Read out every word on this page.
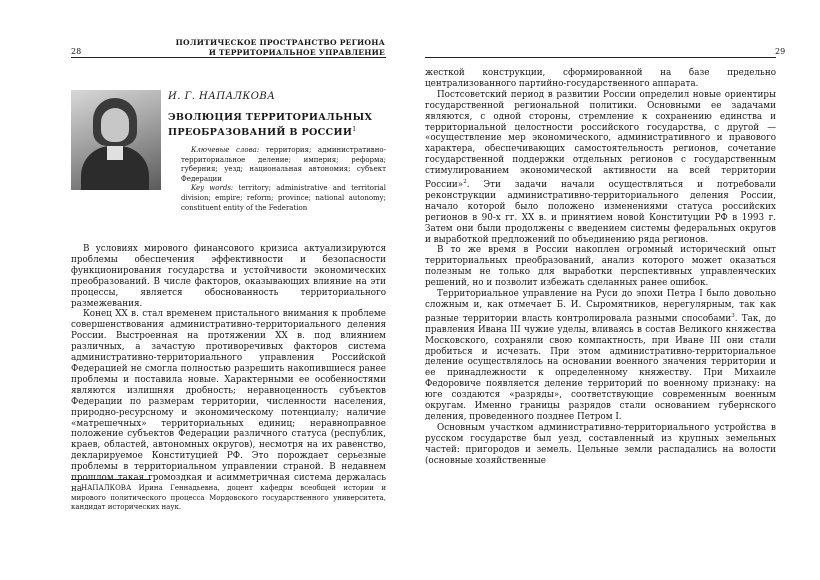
28
ПОЛИТИЧЕСКОЕ ПРОСТРАНСТВО РЕГИОНА
И ТЕРРИТОРИАЛЬНОЕ УПРАВЛЕНИЕ
И. Г. НАПАЛКОВА
ЭВОЛЮЦИЯ ТЕРРИТОРИАЛЬНЫХ ПРЕОБРАЗОВАНИЙ В РОССИИ$^1$

Ключевые слова: территория; административно-территориальное деление; империя; реформа; губерния; уезд; национальная автономия; субъект Федерации

Key words: territory; administrative and territorial division; empire; reform; province; national autonomy; constituent entity of the Federation

В условиях мирового финансового кризиса актуализируются проблемы обеспечения эффективности и безопасности функционирования государства и устойчивости экономических преобразований. В числе факторов, оказывающих влияние на эти процессы, является обоснованность территориального размежевания.

Конец XX в. стал временем пристального внимания к проблеме совершенствования административно-территориального деления России. Выстроенная на протяжении XX в. под влиянием различных, а зачастую противоречивых факторов система административно-территориального управления Российской Федерацией не смогла полностью разрешить накопившиеся ранее проблемы и поставила новые. Характерными ее особенностями являются излишняя дробность; неравноценность субъектов Федерации по размерам территории, численности населения, природно-ресурсному и экономическому потенциалу; наличие «матрешечных» территориальных единиц; неравноправное положение субъектов Федерации различного статуса (республик, краев, областей, автономных округов), несмотря на их равенство, декларируемое Конституцией РФ. Это порождает серьезные проблемы в территориальном управлении страной. В недавнем прошлом такая громоздкая и асимметричная система держалась на

НАПАЛКОВА Ирина Геннадьевна, доцент кафедры всеобщей истории и мирового политического процесса Мордовского государственного университета, кандидат исторических наук.

29

жесткой конструкции, сформированной на базе предельно централизованного партийно-государственного аппарата.

Постсоветский период в развитии России определил новые ориентиры государственной региональной политики. Основными ее задачами являются, с одной стороны, стремление к сохранению единства и территориальной целостности российского государства, с другой — «осуществление мер экономического, административного и правового характера, обеспечивающих самостоятельность регионов, сочетание государственной поддержки отдельных регионов с государственным стимулированием экономической активности на всей территории России»$^2$. Эти задачи начали осуществляться и потребовали реконструкции административно-территориального деления России, начало которой было положено изменениями статуса российских регионов в 90-х гг. XX в. и принятием новой Конституции РФ в 1993 г. Затем они были продолжены с введением системы федеральных округов и выработкой предложений по объединению ряда регионов.

В то же время в России накоплен огромный исторический опыт территориальных преобразований, анализ которого может оказаться полезным не только для выработки перспективных управленческих решений, но и позволит избежать сделанных ранее ошибок.

Территориальное управление на Руси до эпохи Петра I было довольно сложным и, как отмечает Б. И. Сыромятников, нерегулярным, так как разные территории власть контролировала разными способами$^3$. Так, до правления Ивана III чужие уделы, вливаясь в состав Великого княжества Московского, сохраняли свою компактность, при Иване III они стали дробиться и исчезать. При этом административно-территориальное деление осуществлялось на основании военного значения территории и ее принадлежности к определенному княжеству. При Михаиле Федоровиче появляется деление территорий по военному признаку: на юге создаются «разряды», соответствующие современным военным округам. Именно границы разрядов стали основанием губернского деления, проведенного позднее Петром I.

Основным участком административно-территориального устройства в русском государстве был уезд, составленный из крупных земельных частей: пригородов и земель. Цельные земли распадались на волости (основные хозяйственные
